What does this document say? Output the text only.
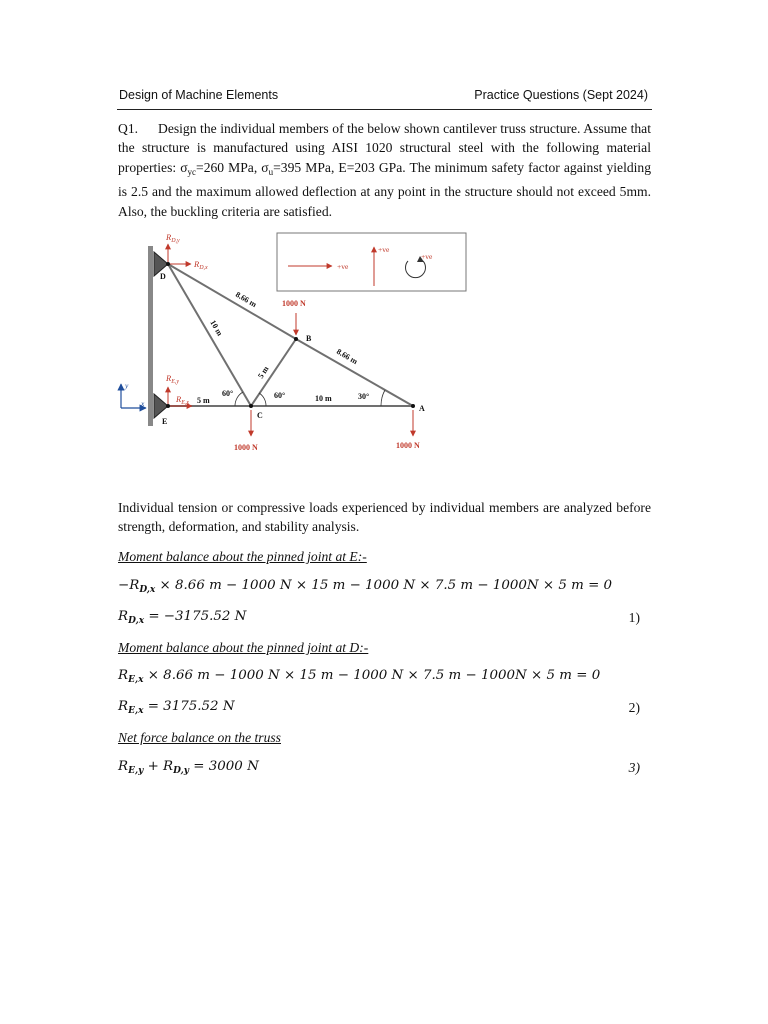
Design of Machine Elements	Practice Questions (Sept 2024)
Q1. Design the individual members of the below shown cantilever truss structure. Assume that the structure is manufactured using AISI 1020 structural steel with the following material properties: $\sigma_{yc}=260$ MPa, $\sigma_u=395$ MPa, E=203 GPa. The minimum safety factor against yielding is 2.5 and the maximum allowed deflection at any point in the structure should not exceed 5mm. Also, the buckling criteria are satisfied.
+ve
+ve
+ve
D
E
C
B
A
8.66 m
10 m
5 m
8.66 m
10 m
5 m
60°	60°	30°
1000 N
1000 N	1000 N
$R_{D,y}$
$R_{D,x}$
$R_{E,y}$
$R_{E,x}$
x
y
Individual tension or compressive loads experienced by individual members are analyzed before strength, deformation, and stability analysis.
Moment balance about the pinned joint at E:-
$-R_{D,x} \times 8.66$ m − 1000 N × 15 m − 1000 N × 7.5 m − 1000N × 5 m = 0
$R_{D,x} = -3175.52$ N	1)
Moment balance about the pinned joint at D:-
$R_{E,x} \times 8.66$ m − 1000 N × 15 m − 1000 N × 7.5 m − 1000N × 5 m = 0
$R_{E,x} = 3175.52$ N	2)
Net force balance on the truss
$R_{E,y} + R_{D,y} = 3000$ N	3)
